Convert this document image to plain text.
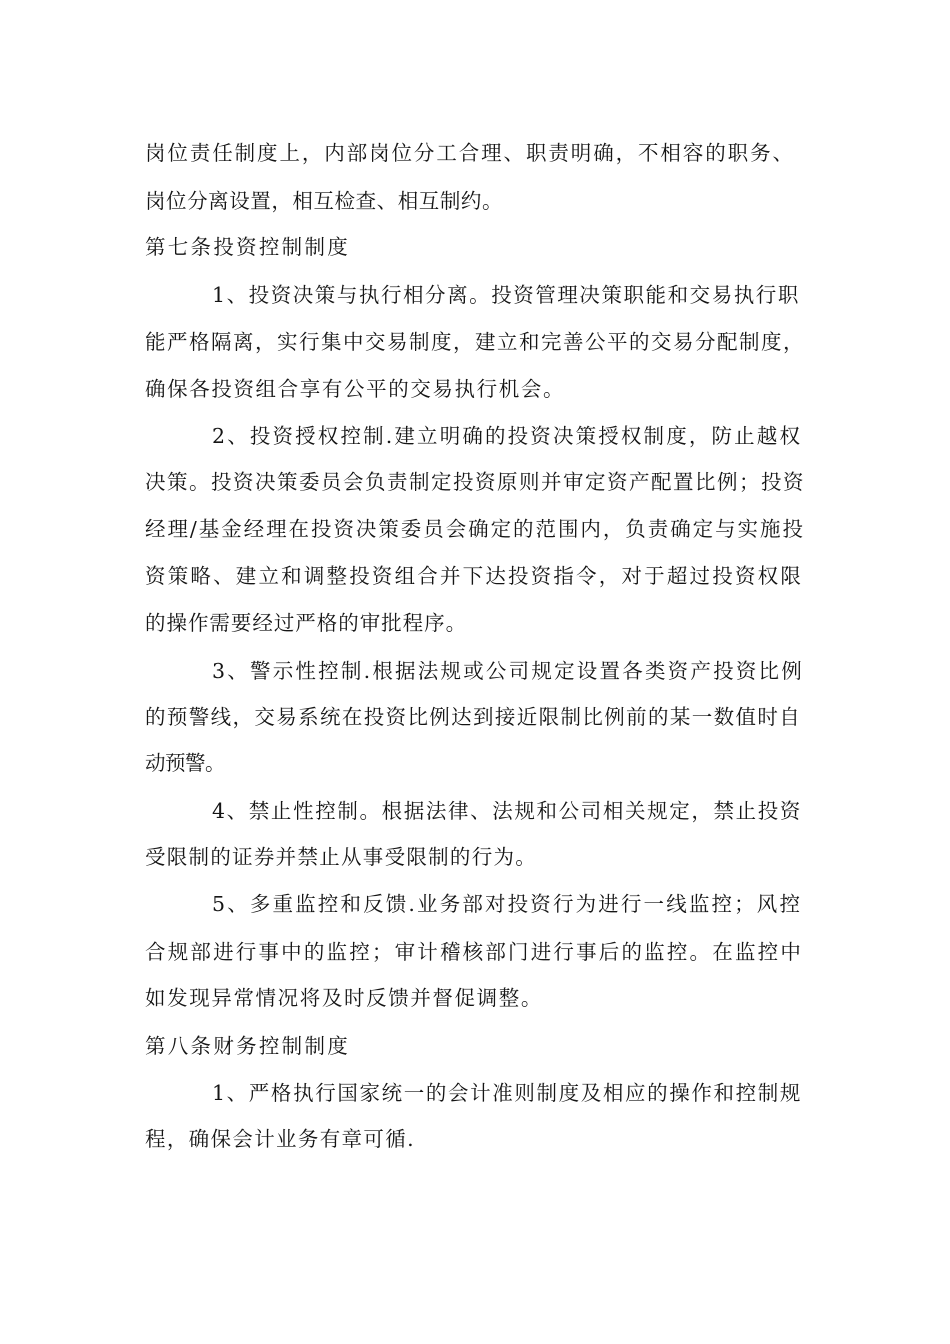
岗位责任制度上，内部岗位分工合理、职责明确，不相容的职务、
岗位分离设置，相互检查、相互制约。
第七条投资控制制度
1、投资决策与执行相分离。投资管理决策职能和交易执行职
能严格隔离，实行集中交易制度，建立和完善公平的交易分配制度，
确保各投资组合享有公平的交易执行机会。
2、投资授权控制.建立明确的投资决策授权制度，防止越权
决策。投资决策委员会负责制定投资原则并审定资产配置比例；投资
经理/基金经理在投资决策委员会确定的范围内，负责确定与实施投
资策略、建立和调整投资组合并下达投资指令，对于超过投资权限
的操作需要经过严格的审批程序。
3、警示性控制.根据法规或公司规定设置各类资产投资比例
的预警线，交易系统在投资比例达到接近限制比例前的某一数值时自
动预警。
4、禁止性控制。根据法律、法规和公司相关规定，禁止投资
受限制的证券并禁止从事受限制的行为。
5、多重监控和反馈.业务部对投资行为进行一线监控；风控
合规部进行事中的监控；审计稽核部门进行事后的监控。在监控中
如发现异常情况将及时反馈并督促调整。
第八条财务控制制度
1、严格执行国家统一的会计准则制度及相应的操作和控制规
程，确保会计业务有章可循.
